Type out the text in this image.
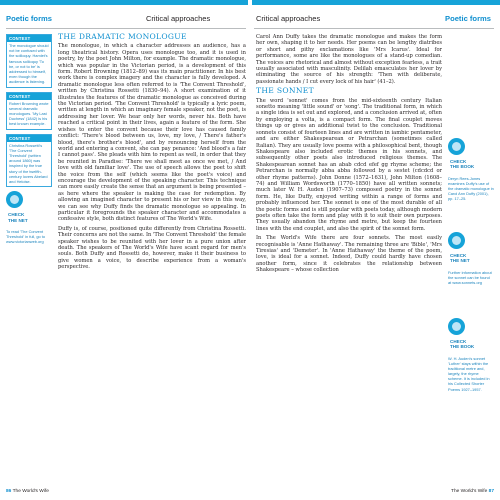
Poetic forms	Critical approaches	Critical approaches	Poetic forms
CONTEXT
The monologue should not be confused with the soliloquy. Hamlet's famous soliloquy 'To be, or not to be' is addressed to himself, even though the audience is listening.
CONTEXT
Robert Browning wrote several dramatic monologues. 'My Last Duchess' (1842) is his best known example.
CONTEXT
Christina Rossetti's 'The Convent Threshold' (written around 1860) was inspired by the true story of the twelfth-century lovers Abelard and Heloise.
CHECK THE NET
To read 'The Convent Threshold' in full, go to www.victorianweb.org
THE DRAMATIC MONOLOGUE

The monologue, in which a character addresses an audience, has a long theatrical history. Opera uses monologue too, and it is used in poetry, by the poet John Milton, for example. The dramatic monologue, which was popular in the Victorian period, is a development of this form. Robert Browning (1812–89) was its main practitioner. In his best work there is complex imagery and the character is fully developed. A dramatic monologue less often referred to is 'The Convent Threshold', written by Christina Rossetti (1830–94). A short examination of it illustrates the features of the dramatic monologue as conceived during the Victorian period. 'The Convent Threshold' is typically a lyric poem, written at length in which an imaginary female speaker, not the poet, is addressing her lover. We hear only her words, never his. Both have reached a critical point in their lives, again a feature of the form. She wishes to enter the convent because their love has caused family conflict: 'There's blood between us, love, my love, / There's father's blood, there's brother's blood', and by renouncing herself from the world and entering a convent, she can pay penance: 'And blood's a fair I cannot pass'. She pleads with him to repent as well, in order that they be reunited in Paradise: 'There we shall meet as once we met, / And love with old familiar love'. The use of speech allows the poet to shift the voice from the self (which seems like the poet's voice) and encourage the development of the speaking character. This technique can more easily create the sense that an argument is being presented – as here where the speaker is making the case for redemption. By allowing an imagined character to present his or her view in this way, we can see why Duffy finds the dramatic monologue so appealing. In particular it foregrounds the speaker character and accommodates a confessive style, both distinct features of The World's Wife.

Duffy is, of course, positioned quite differently from Christina Rossetti. Their concerns are not the same. In 'The Convent Threshold' the female speaker wishes to be reunited with her lover in a pure union after death. The speakers of The World's Wife have scant regard for men's souls. Both Duffy and Rossetti do, however, make it their business to give women a voice, to describe experience from a woman's perspective.

Carol Ann Duffy takes the dramatic monologue and makes the form her own, shaping it to her needs. Her poems can be lengthy diatribes or short and pithy exclamations like 'Mrs Icarus'. Ideal for performance, some are like the monologues of a stand-up comedian. The voices are rhetorical and almost without exception fearless, a trait usually associated with masculinity. Delilah emasculates her lover by eliminating the source of his strength: 'Then with deliberate, passionate hands / I cut every lock of his hair' (41–2).

THE SONNET

The word 'sonnet' comes from the mid-sixteenth century Italian sonetto meaning 'little sound' or 'song'. The traditional form, in which a single idea is set out and explored, and a conclusion arrived at, often by employing a volta, is a compact form. The final couplet moves things up or gives an additional twist to the conclusion. Traditional sonnets consist of fourteen lines and are written in iambic pentameter, and are either Shakespearean or Petrarchan (sometimes called Italian). They are usually love poems with a philosophical bent, though Shakespeare also included erotic themes in his sonnets, and subsequently other poets also introduced religious themes. The Shakespearean sonnet has an abab cdcd efef gg rhyme scheme; the Petrarchan is normally abba abba followed by a sestet (cdcdcd or other rhyme patterns). John Donne (1572–1631), John Milton (1608–74) and William Wordsworth (1770–1850) have all written sonnets; much later W. H. Auden (1907–73) composed poetry in the sonnet form. He, like Duffy, enjoyed writing within a range of forms and probably influenced her. The sonnet is one of the most durable of all the poetic forms and is still popular with poets today, although modern poets often take the form and play with it to suit their own purposes. They usually abandon the rhyme and metre, but keep the fourteen lines with the end couplet, and also the spirit of the sonnet form.

In The World's Wife there are four sonnets. The most easily recognisable is 'Anne Hathaway'. The remaining three are 'Bible', 'Mrs Tiresias' and 'Demeter'. In 'Anne Hathaway' the theme of the poem, love, is ideal for a sonnet. Indeed, Duffy could hardly have chosen another form, since it celebrates the relationship between Shakespeare – whose collection

CHECK THE BOOK
Deryn Rees-Jones examines Duffy's use of the dramatic monologue in Carol Ann Duffy (2001), pp. 17–25.
CHECK THE NET
Further information about the sonnet can be found at www.sonnets.org
CHECK THE BOOK
W. H. Auden's sonnet 'Luther' stays within the traditional metre and, largely, the rhyme scheme. It is included in his Collected Shorter Poems 1927–1957.
86 The World's Wife	The World's Wife 87
